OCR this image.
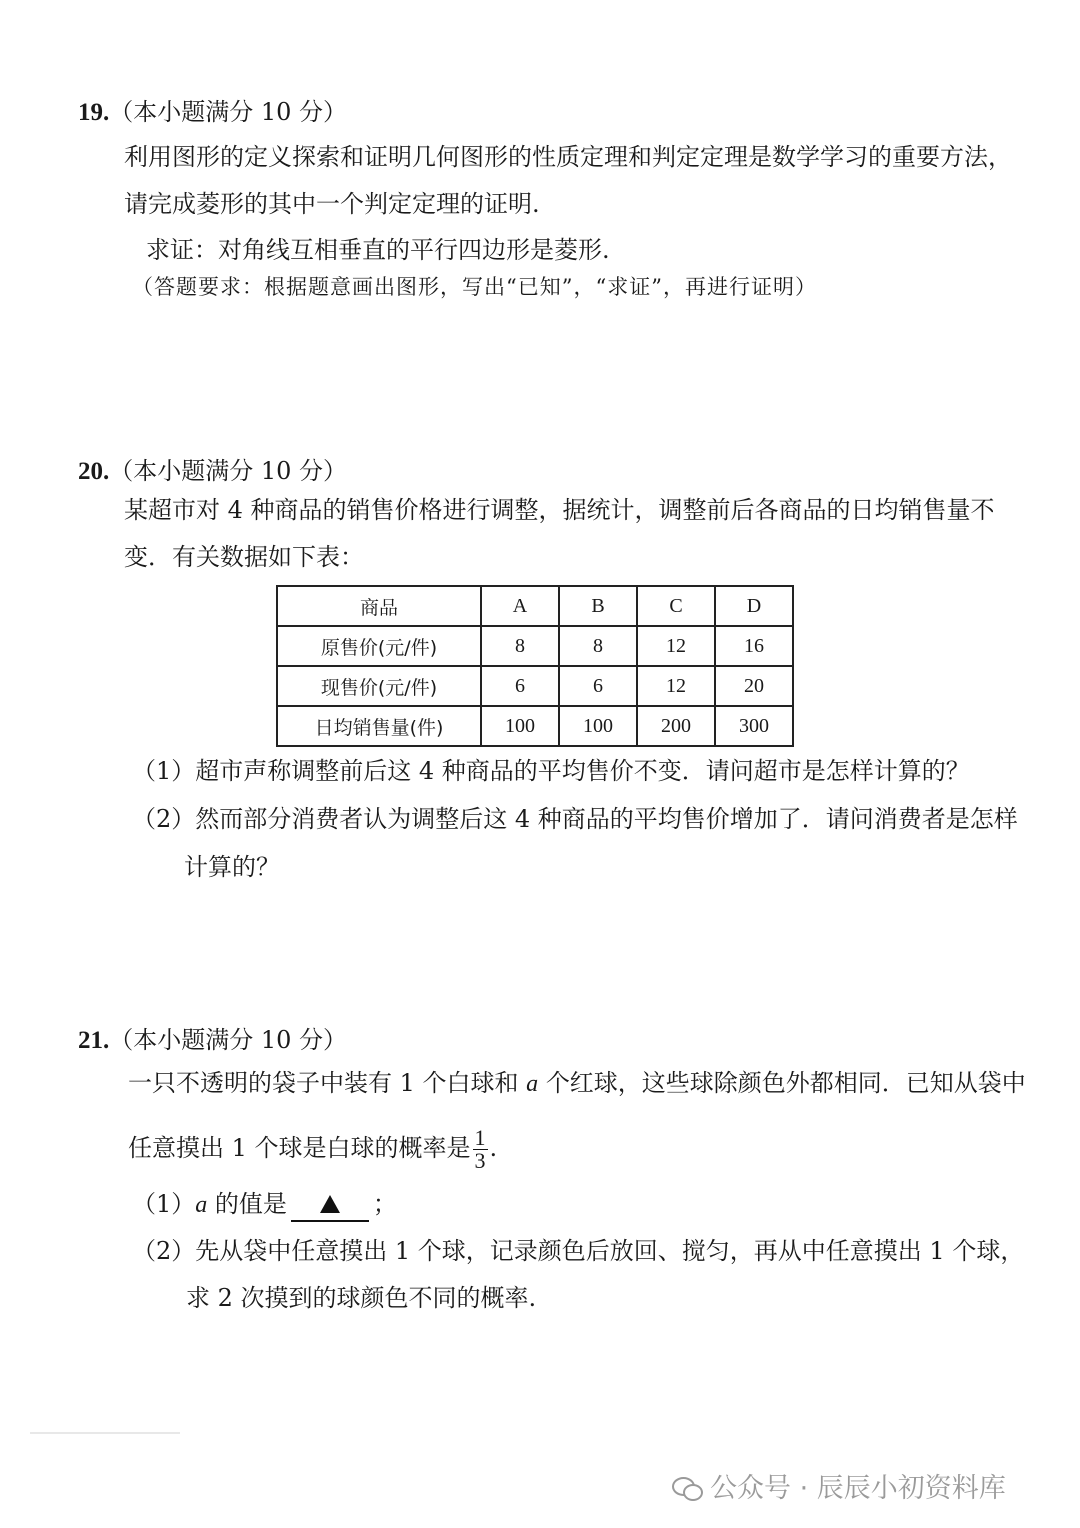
19.（本小题满分 10 分）
利用图形的定义探索和证明几何图形的性质定理和判定定理是数学学习的重要方法，
请完成菱形的其中一个判定定理的证明.
求证：对角线互相垂直的平行四边形是菱形.
（答题要求：根据题意画出图形，写出“已知”，“求证”，再进行证明）
20.（本小题满分 10 分）
某超市对 4 种商品的销售价格进行调整，据统计，调整前后各商品的日均销售量不
变．有关数据如下表：
商品	A	B	C	D
原售价(元/件)	8	8	12	16
现售价(元/件)	6	6	12	20
日均销售量(件)	100	100	200	300
（1）超市声称调整前后这 4 种商品的平均售价不变．请问超市是怎样计算的？
（2）然而部分消费者认为调整后这 4 种商品的平均售价增加了．请问消费者是怎样
计算的？
21.（本小题满分 10 分）
一只不透明的袋子中装有 1 个白球和 a 个红球，这些球除颜色外都相同．已知从袋中
任意摸出 1 个球是白球的概率是 $\frac{1}{3}$ .
（1）a 的值是	；
（2）先从袋中任意摸出 1 个球，记录颜色后放回、搅匀，再从中任意摸出 1 个球，
求 2 次摸到的球颜色不同的概率.
公众号 · 辰辰小初资料库
